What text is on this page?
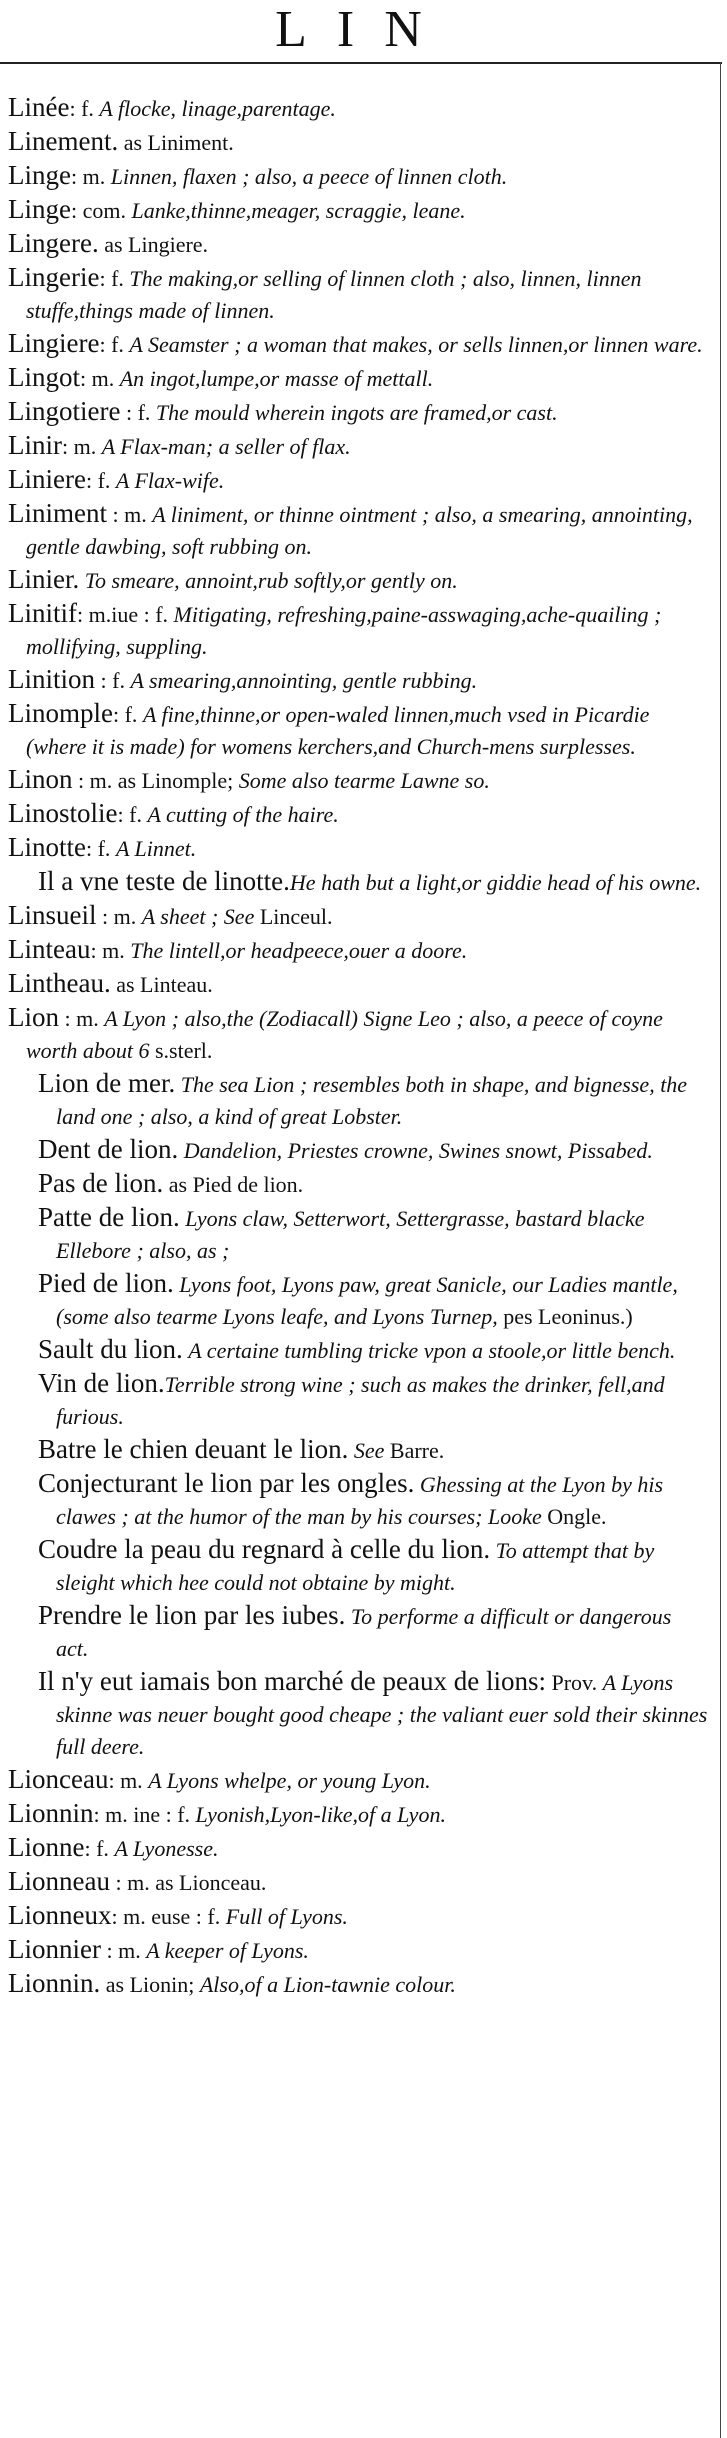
LIN
Linée: f. A flocke, linage,parentage.
Linement. as Liniment.
Linge: m. Linnen, flaxen ; also, a peece of linnen cloth.
Linge: com. Lanke,thinne,meager, scraggie, leane.
Lingere. as Lingiere.
Lingerie: f. The making,or selling of linnen cloth ; also, linnen, linnen stuffe,things made of linnen.
Lingiere: f. A Seamster ; a woman that makes, or sells linnen,or linnen ware.
Lingot: m. An ingot,lumpe,or masse of mettall.
Lingotiere : f. The mould wherein ingots are framed,or cast.
Linir: m. A Flax-man; a seller of flax.
Liniere: f. A Flax-wife.
Liniment : m. A liniment, or thinne ointment ; also, a smearing, annointing, gentle dawbing, soft rubbing on.
Linier. To smeare, annoint,rub softly,or gently on.
Linitif: m.iue : f. Mitigating, refreshing,paine-asswaging,ache-quailing ; mollifying, suppling.
Linition : f. A smearing,annointing, gentle rubbing.
Linomple: f. A fine,thinne,or open-waled linnen,much vsed in Picardie (where it is made) for womens kerchers,and Church-mens surplesses.
Linon : m. as Linomple; Some also tearme Lawne so.
Linostolie: f. A cutting of the haire.
Linotte: f. A Linnet.
Il a vne teste de linotte.He hath but a light,or giddie head of his owne.
Linsueil : m. A sheet ; See Linceul.
Linteau: m. The lintell,or headpeece,ouer a doore.
Lintheau. as Linteau.
Lion : m. A Lyon ; also,the (Zodiacall) Signe Leo ; also, a peece of coyne worth about 6 s.sterl.
Lion de mer. The sea Lion ; resembles both in shape, and bignesse, the land one ; also, a kind of great Lobster.
Dent de lion. Dandelion, Priestes crowne, Swines snowt, Pissabed.
Pas de lion. as Pied de lion.
Patte de lion. Lyons claw, Setterwort, Settergrasse, bastard blacke Ellebore ; also, as ;
Pied de lion. Lyons foot, Lyons paw, great Sanicle, our Ladies mantle, (some also tearme Lyons leafe, and Lyons Turnep, pes Leoninus.)
Sault du lion. A certaine tumbling tricke vpon a stoole,or little bench.
Vin de lion.Terrible strong wine ; such as makes the drinker, fell,and furious.
Batre le chien deuant le lion. See Barre.
Conjecturant le lion par les ongles. Ghessing at the Lyon by his clawes ; at the humor of the man by his courses; Looke Ongle.
Coudre la peau du regnard à celle du lion. To attempt that by sleight which hee could not obtaine by might.
Prendre le lion par les iubes. To performe a difficult or dangerous act.
Il n'y eut iamais bon marché de peaux de lions: Prov. A Lyons skinne was neuer bought good cheape ; the valiant euer sold their skinnes full deere.
Lionceau: m. A Lyons whelpe, or young Lyon.
Lionnin: m. ine : f. Lyonish,Lyon-like,of a Lyon.
Lionne: f. A Lyonesse.
Lionneau : m. as Lionceau.
Lionneux: m. euse : f. Full of Lyons.
Lionnier : m. A keeper of Lyons.
Lionnin. as Lionin; Also,of a Lion-tawnie colour.
